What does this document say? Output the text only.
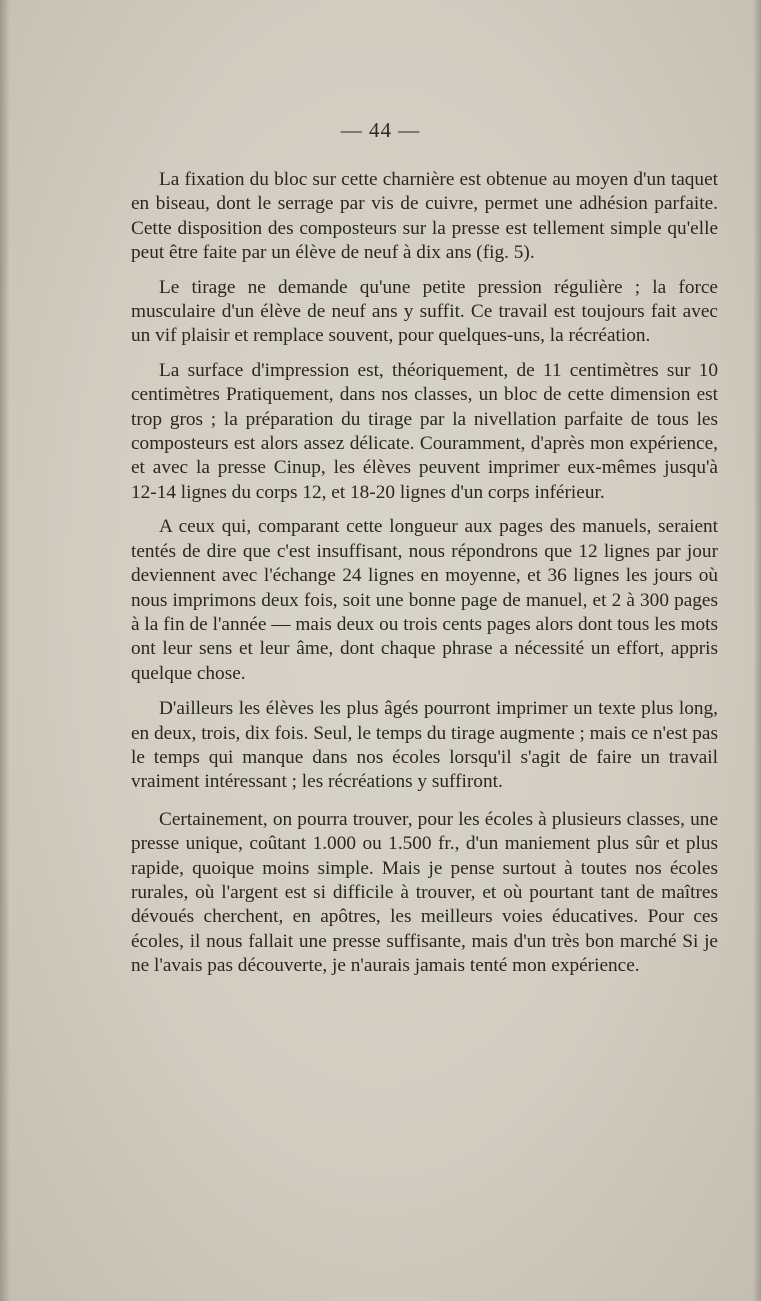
— 44 —

La fixation du bloc sur cette charnière est obtenue au moyen d'un taquet en biseau, dont le serrage par vis de cuivre, permet une adhésion parfaite. Cette disposition des composteurs sur la presse est tellement simple qu'elle peut être faite par un élève de neuf à dix ans (fig. 5).

Le tirage ne demande qu'une petite pression régulière ; la force musculaire d'un élève de neuf ans y suffit. Ce travail est toujours fait avec un vif plaisir et remplace souvent, pour quelques-uns, la récréation.

La surface d'impression est, théoriquement, de 11 centimètres sur 10 centimètres Pratiquement, dans nos classes, un bloc de cette dimension est trop gros ; la préparation du tirage par la nivellation parfaite de tous les composteurs est alors assez délicate. Couramment, d'après mon expérience, et avec la presse Cinup, les élèves peuvent imprimer eux-mêmes jusqu'à 12-14 lignes du corps 12, et 18-20 lignes d'un corps inférieur.

A ceux qui, comparant cette longueur aux pages des manuels, seraient tentés de dire que c'est insuffisant, nous répondrons que 12 lignes par jour deviennent avec l'échange 24 lignes en moyenne, et 36 lignes les jours où nous imprimons deux fois, soit une bonne page de manuel, et 2 à 300 pages à la fin de l'année — mais deux ou trois cents pages alors dont tous les mots ont leur sens et leur âme, dont chaque phrase a nécessité un effort, appris quelque chose.

D'ailleurs les élèves les plus âgés pourront imprimer un texte plus long, en deux, trois, dix fois. Seul, le temps du tirage augmente ; mais ce n'est pas le temps qui manque dans nos écoles lorsqu'il s'agit de faire un travail vraiment intéressant ; les récréations y suffiront.

Certainement, on pourra trouver, pour les écoles à plusieurs classes, une presse unique, coûtant 1.000 ou 1.500 fr., d'un maniement plus sûr et plus rapide, quoique moins simple. Mais je pense surtout à toutes nos écoles rurales, où l'argent est si difficile à trouver, et où pourtant tant de maîtres dévoués cherchent, en apôtres, les meilleurs voies éducatives. Pour ces écoles, il nous fallait une presse suffisante, mais d'un très bon marché Si je ne l'avais pas découverte, je n'aurais jamais tenté mon expérience.
